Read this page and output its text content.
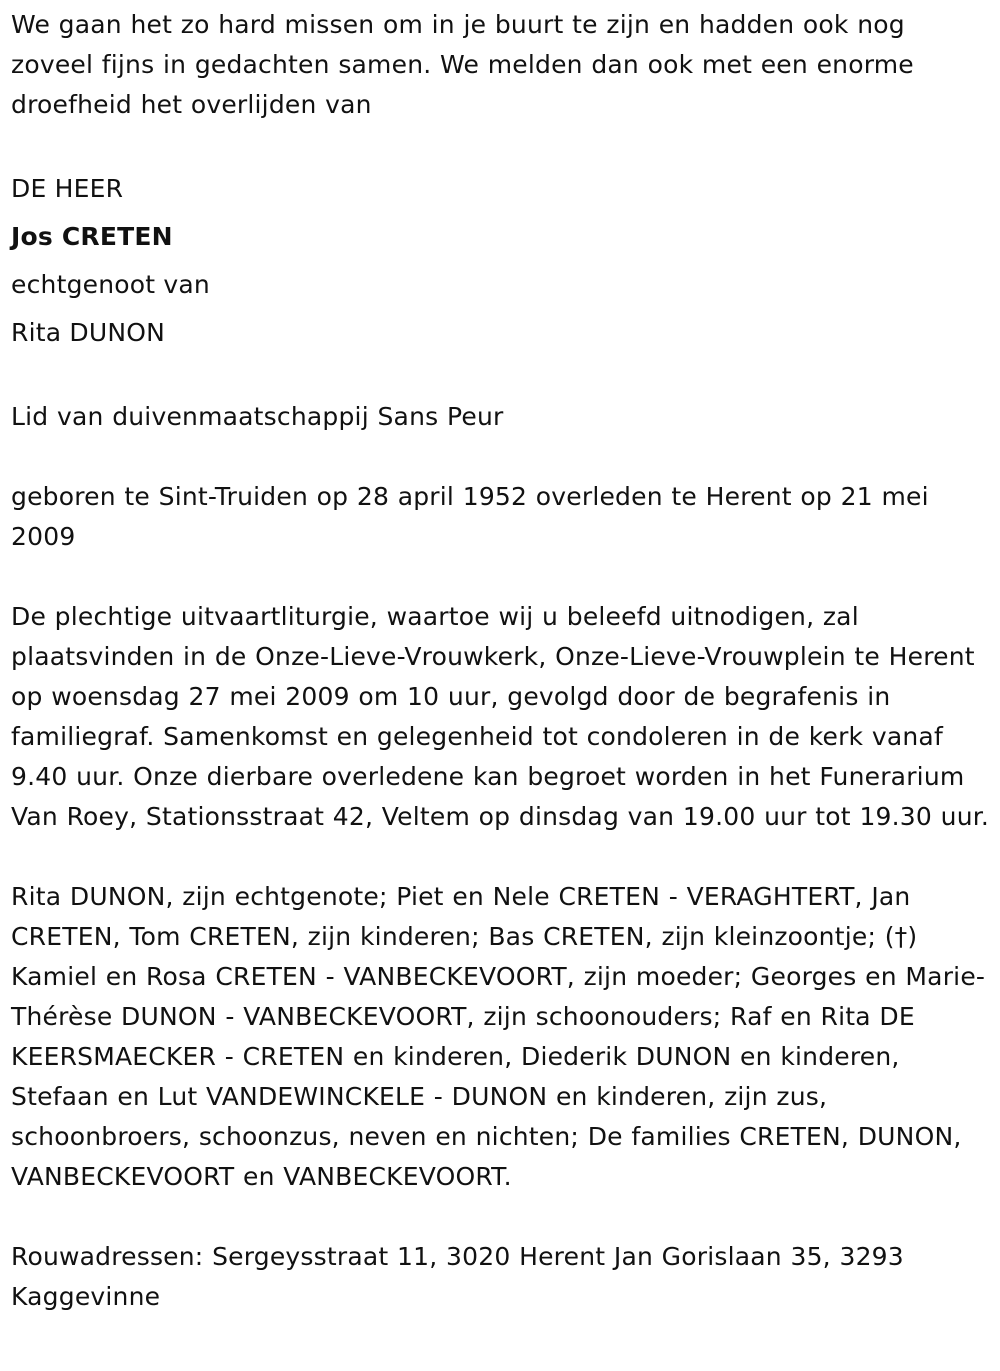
We gaan het zo hard missen om in je buurt te zijn en hadden ook nog zoveel fijns in gedachten samen. We melden dan ook met een enorme droefheid het overlijden van

DE HEER

Jos CRETEN

echtgenoot van

Rita DUNON

Lid van duivenmaatschappij Sans Peur

geboren te Sint-Truiden op 28 april 1952 overleden te Herent op 21 mei 2009

De plechtige uitvaartliturgie, waartoe wij u beleefd uitnodigen, zal plaatsvinden in de Onze-Lieve-Vrouwkerk, Onze-Lieve-Vrouwplein te Herent op woensdag 27 mei 2009 om 10 uur, gevolgd door de begrafenis in familiegraf. Samenkomst en gelegenheid tot condoleren in de kerk vanaf 9.40 uur. Onze dierbare overledene kan begroet worden in het Funerarium Van Roey, Stationsstraat 42, Veltem op dinsdag van 19.00 uur tot 19.30 uur.

Rita DUNON, zijn echtgenote; Piet en Nele CRETEN - VERAGHTERT, Jan CRETEN, Tom CRETEN, zijn kinderen; Bas CRETEN, zijn kleinzoontje; (†) Kamiel en Rosa CRETEN - VANBECKEVOORT, zijn moeder; Georges en Marie-Thérèse DUNON - VANBECKEVOORT, zijn schoonouders; Raf en Rita DE KEERSMAECKER - CRETEN en kinderen, Diederik DUNON en kinderen, Stefaan en Lut VANDEWINCKELE - DUNON en kinderen, zijn zus, schoonbroers, schoonzus, neven en nichten; De families CRETEN, DUNON, VANBECKEVOORT en VANBECKEVOORT.

Rouwadressen: Sergeysstraat 11, 3020 Herent Jan Gorislaan 35, 3293 Kaggevinne
